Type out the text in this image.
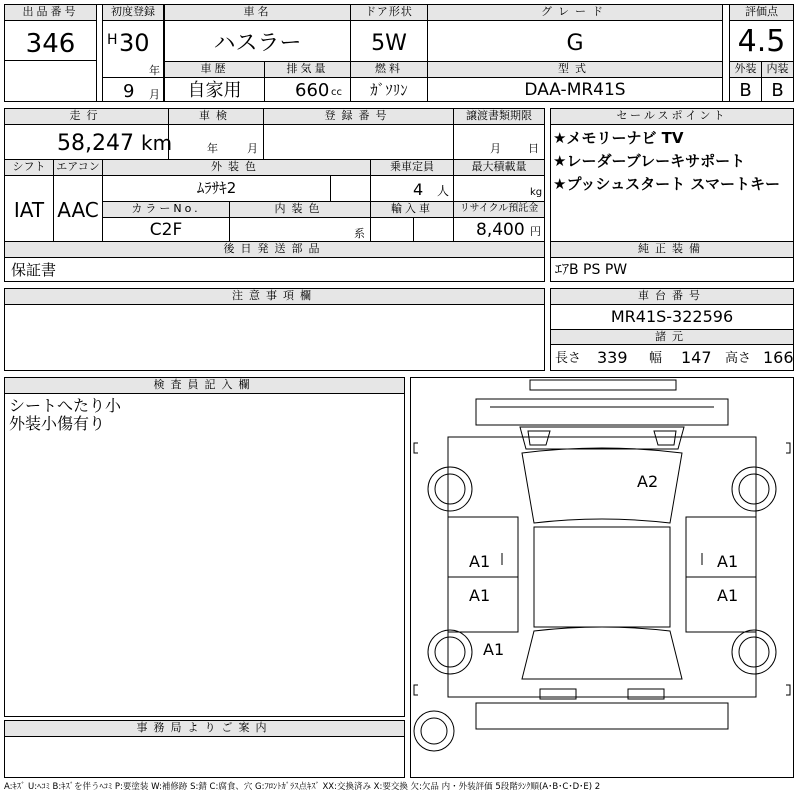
出品番号
346
初度登録
H 30
年
9 月
車名
ハスラー
ドア形状
5W
グレード
G
車歴
自家用
排気量
660 cc
燃料
ｶﾞｿﾘﾝ
型式
DAA-MR41S
評価点
4.5
外装
B
内装
B
走行
58,247 km
車検
年	月
登録番号	譲渡書類期限
月 日
シフト
IAT
エアコン
AAC
外装色
ﾑﾗｻｷ2
乗車定員
4 人
最大積載量
kg
カラーNo.
C2F
内装色
系
輸入車	リサイクル預託金
8,400 円
後日発送部品
保証書
セールスポイント
★メモリーナビ TV
★レーダーブレーキサポート
★プッシュスタート スマートキー
純正装備
ｴｱB PS PW
注意事項欄	車台番号
MR41S-322596
諸元
長さ 339 幅 147 高さ 166
検査員記入欄
シートへたり小
外装小傷有り
事務局よりご案内
A2
A1	A1
A1	A1
A1
A:ｷｽﾞ U:ﾍｺﾐ B:ｷｽﾞを伴うﾍｺﾐ P:要塗装 W:補修跡 S:錆 C:腐食、穴 G:ﾌﾛﾝﾄｶﾞﾗｽ点ｷｽﾞ XX:交換済み X:要交換 欠:欠品 内・外装評価 5段階ﾗﾝｸ順(A･B･C･D･E) 2
